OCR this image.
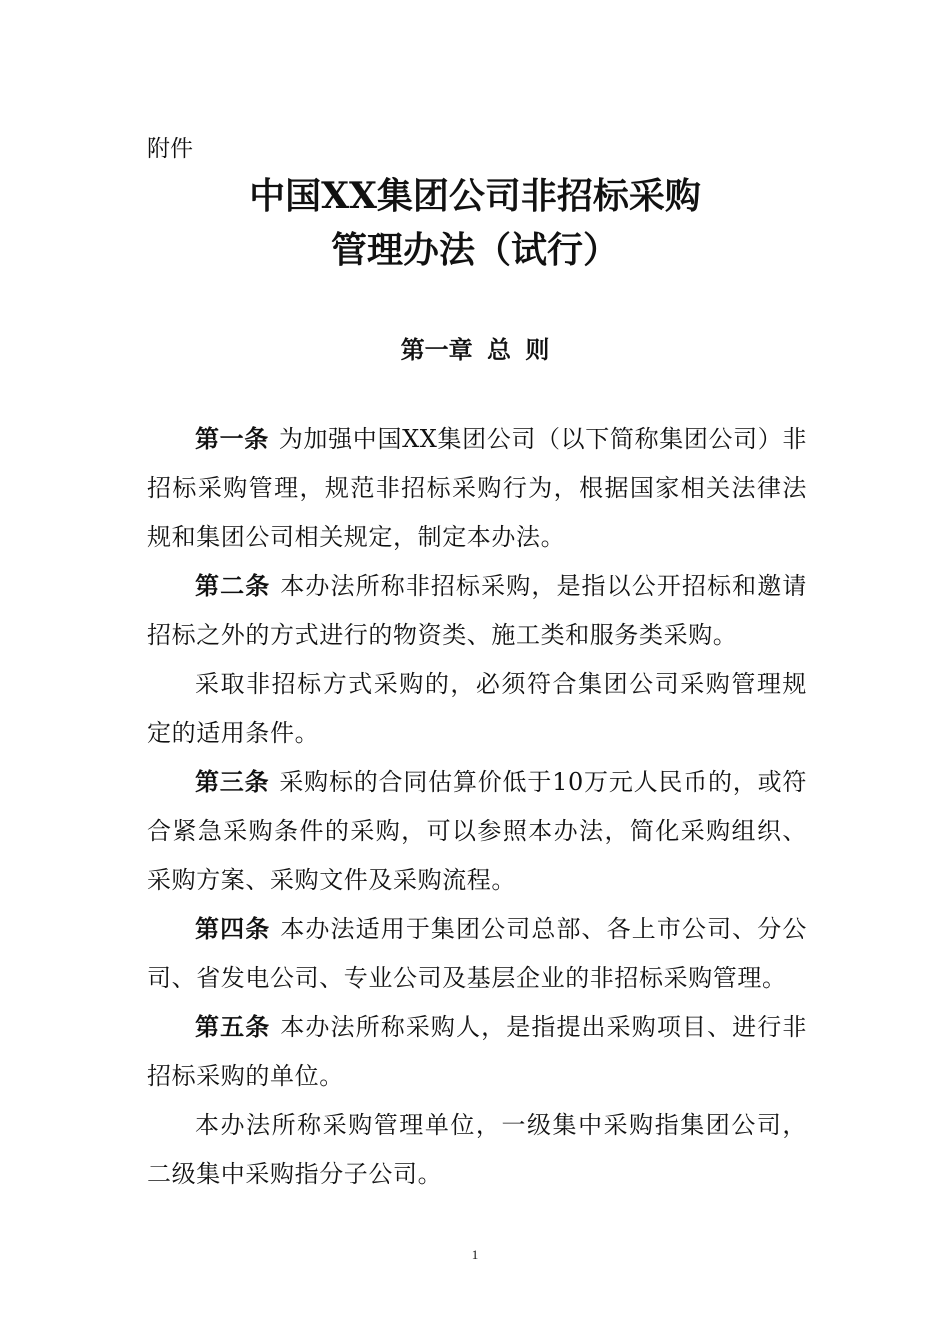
附件
中国XX集团公司非招标采购
管理办法（试行）
第一章 总 则

第一条 为加强中国XX集团公司（以下简称集团公司）非招标采购管理，规范非招标采购行为，根据国家相关法律法规和集团公司相关规定，制定本办法。

第二条 本办法所称非招标采购，是指以公开招标和邀请招标之外的方式进行的物资类、施工类和服务类采购。

采取非招标方式采购的，必须符合集团公司采购管理规定的适用条件。

第三条 采购标的合同估算价低于10万元人民币的，或符合紧急采购条件的采购，可以参照本办法，简化采购组织、采购方案、采购文件及采购流程。

第四条 本办法适用于集团公司总部、各上市公司、分公司、省发电公司、专业公司及基层企业的非招标采购管理。

第五条 本办法所称采购人，是指提出采购项目、进行非招标采购的单位。

本办法所称采购管理单位，一级集中采购指集团公司，二级集中采购指分子公司。

1
